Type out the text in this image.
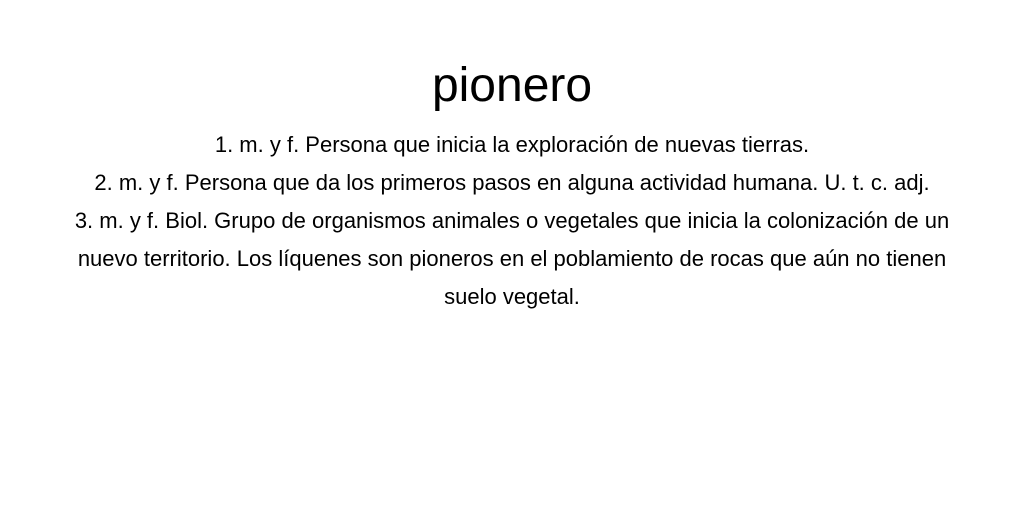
pionero
1. m. y f. Persona que inicia la exploración de nuevas tierras.
2. m. y f. Persona que da los primeros pasos en alguna actividad humana. U. t. c. adj.
3. m. y f. Biol. Grupo de organismos animales o vegetales que inicia la colonización de un nuevo territorio. Los líquenes son pioneros en el poblamiento de rocas que aún no tienen suelo vegetal.
